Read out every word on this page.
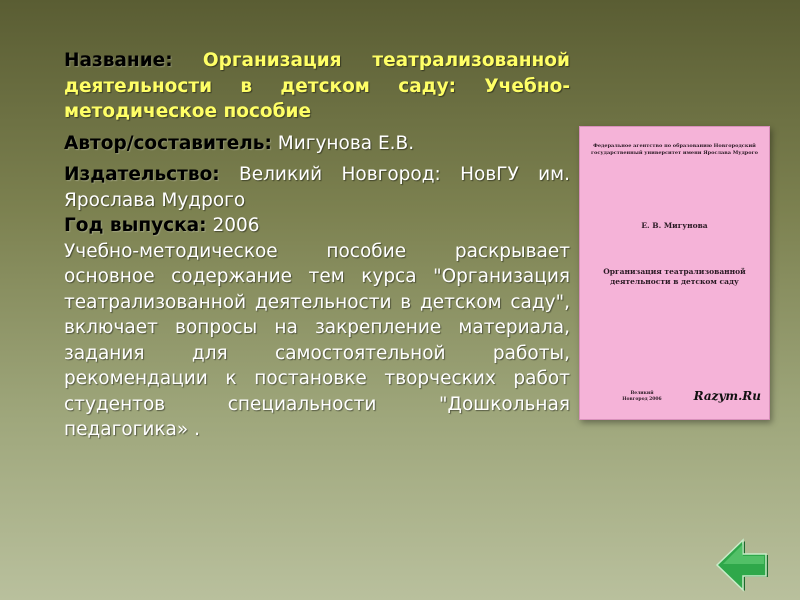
Название: Организация театрализованной деятельности в детском саду: Учебно-методическое пособие

Автор/составитель: Мигунова Е.В.

Издательство: Великий Новгород: НовГУ им. Ярослава Мудрого

Год выпуска: 2006

Учебно-методическое пособие раскрывает основное содержание тем курса "Организация театрализованной деятельности в детском саду", включает вопросы на закрепление материала, задания для самостоятельной работы, рекомендации к постановке творческих работ студентов специальности "Дошкольная педагогика» .

Федеральное агентство по образованию Новгородский государственный университет имени Ярослава Мудрого
Е. В. Мигунова
Организация театрализованной деятельности в детском саду
Великий Новгород 2006	Razym.Ru
